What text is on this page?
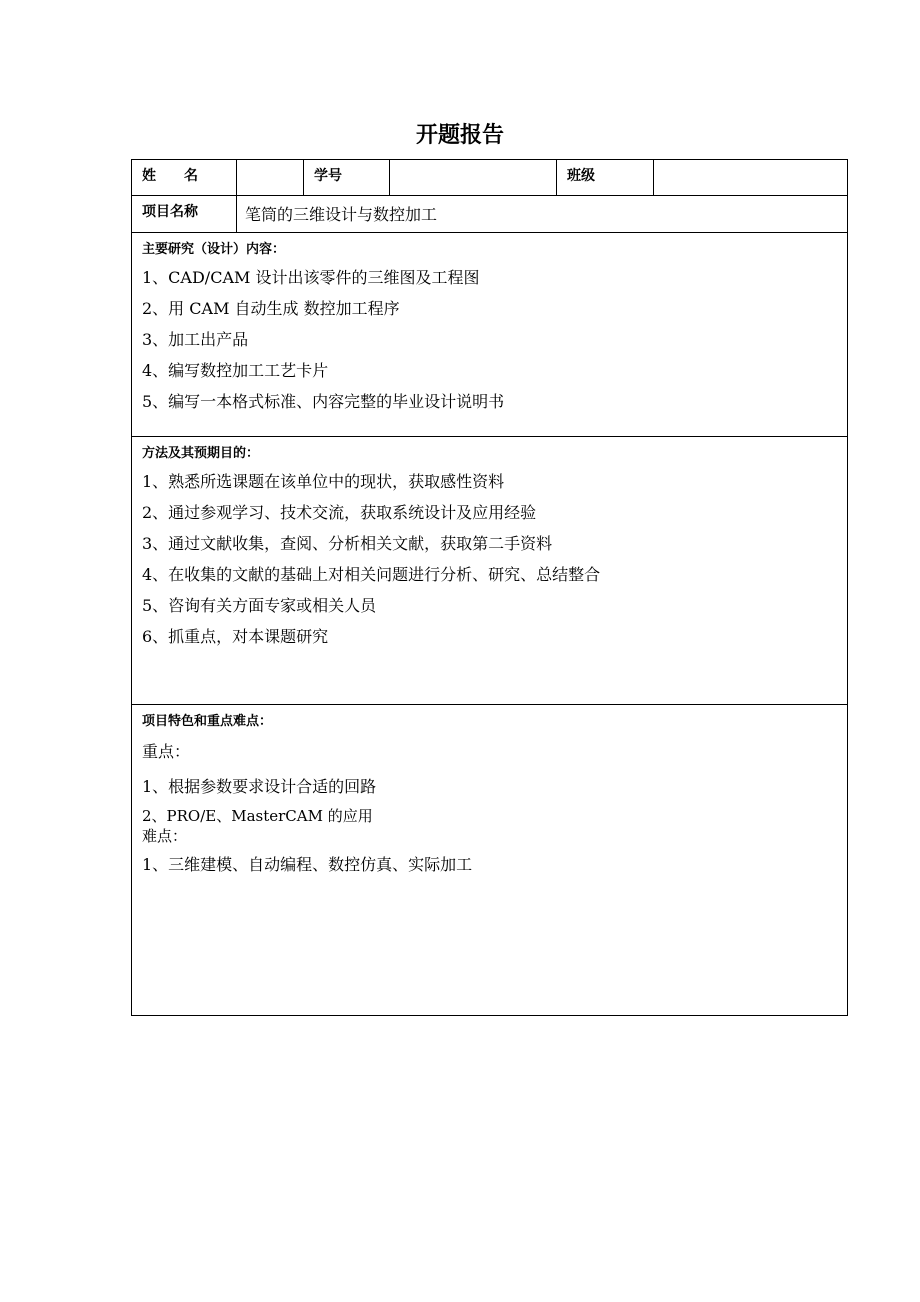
开题报告
姓　　名	学号	班级
项目名称	笔筒的三维设计与数控加工
主要研究（设计）内容：
1、CAD/CAM 设计出该零件的三维图及工程图
2、用 CAM 自动生成 数控加工程序
3、加工出产品
4、编写数控加工工艺卡片
5、编写一本格式标准、内容完整的毕业设计说明书
方法及其预期目的：
1、熟悉所选课题在该单位中的现状，获取感性资料
2、通过参观学习、技术交流，获取系统设计及应用经验
3、通过文献收集，查阅、分析相关文献，获取第二手资料
4、在收集的文献的基础上对相关问题进行分析、研究、总结整合
5、咨询有关方面专家或相关人员
6、抓重点，对本课题研究
项目特色和重点难点：
重点：
1、根据参数要求设计合适的回路
2、PRO/E、MasterCAM 的应用
难点：
1、三维建模、自动编程、数控仿真、实际加工
